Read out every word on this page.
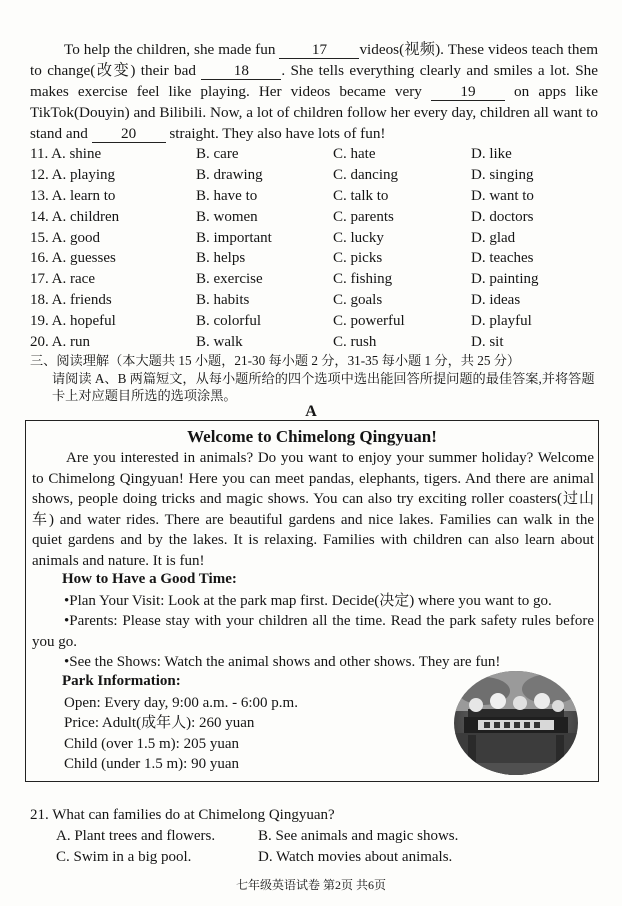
To help the children, she made fun 17 videos(视频). These videos teach them to change(改变) their bad 18 . She tells everything clearly and smiles a lot. She makes exercise feel like playing. Her videos became very	19	on apps like TikTok(Douyin) and Bilibili. Now, a lot of children follow her every day, children all want to stand and 20 straight. They also have lots of fun!
11. A. shine	B. care	C. hate	D. like
12. A. playing	B. drawing	C. dancing	D. singing
13. A. learn to	B. have to	C. talk to	D. want to
14. A. children	B. women	C. parents	D. doctors
15. A. good	B. important	C. lucky	D. glad
16. A. guesses	B. helps	C. picks	D. teaches
17. A. race	B. exercise	C. fishing	D. painting
18. A. friends	B. habits	C. goals	D. ideas
19. A. hopeful	B. colorful	C. powerful	D. playful
20. A. run	B. walk	C. rush	D. sit
三、阅读理解（本大题共 15 小题，21-30 每小题 2 分，31-35 每小题 1 分，共 25 分）
请阅读 A、B 两篇短文，从每小题所给的四个选项中选出能回答所提问题的最佳答案,并将答题卡上对应题目所选的选项涂黑。
A
Welcome to Chimelong Qingyuan!
Are you interested in animals? Do you want to enjoy your summer holiday? Welcome to Chimelong Qingyuan! Here you can meet pandas, elephants, tigers. And there are animal shows, people doing tricks and magic shows. You can also try exciting roller coasters(过山车) and water rides. There are beautiful gardens and nice lakes. Families can walk in the quiet gardens and by the lakes. It is relaxing. Families with children can also learn about animals and nature. It is fun!
How to Have a Good Time:
•Plan Your Visit: Look at the park map first. Decide(决定) where you want to go.
•Parents: Please stay with your children all the time. Read the park safety rules before you go.
•See the Shows: Watch the animal shows and other shows. They are fun!
Park Information:
Open: Every day, 9:00 a.m. - 6:00 p.m.
Price: Adult(成年人): 260 yuan
Child (over 1.5 m): 205 yuan
Child (under 1.5 m): 90 yuan
21. What can families do at Chimelong Qingyuan?
A. Plant trees and flowers.	B. See animals and magic shows.
C. Swim in a big pool.	D. Watch movies about animals.
七年级英语试卷 第2页 共6页
